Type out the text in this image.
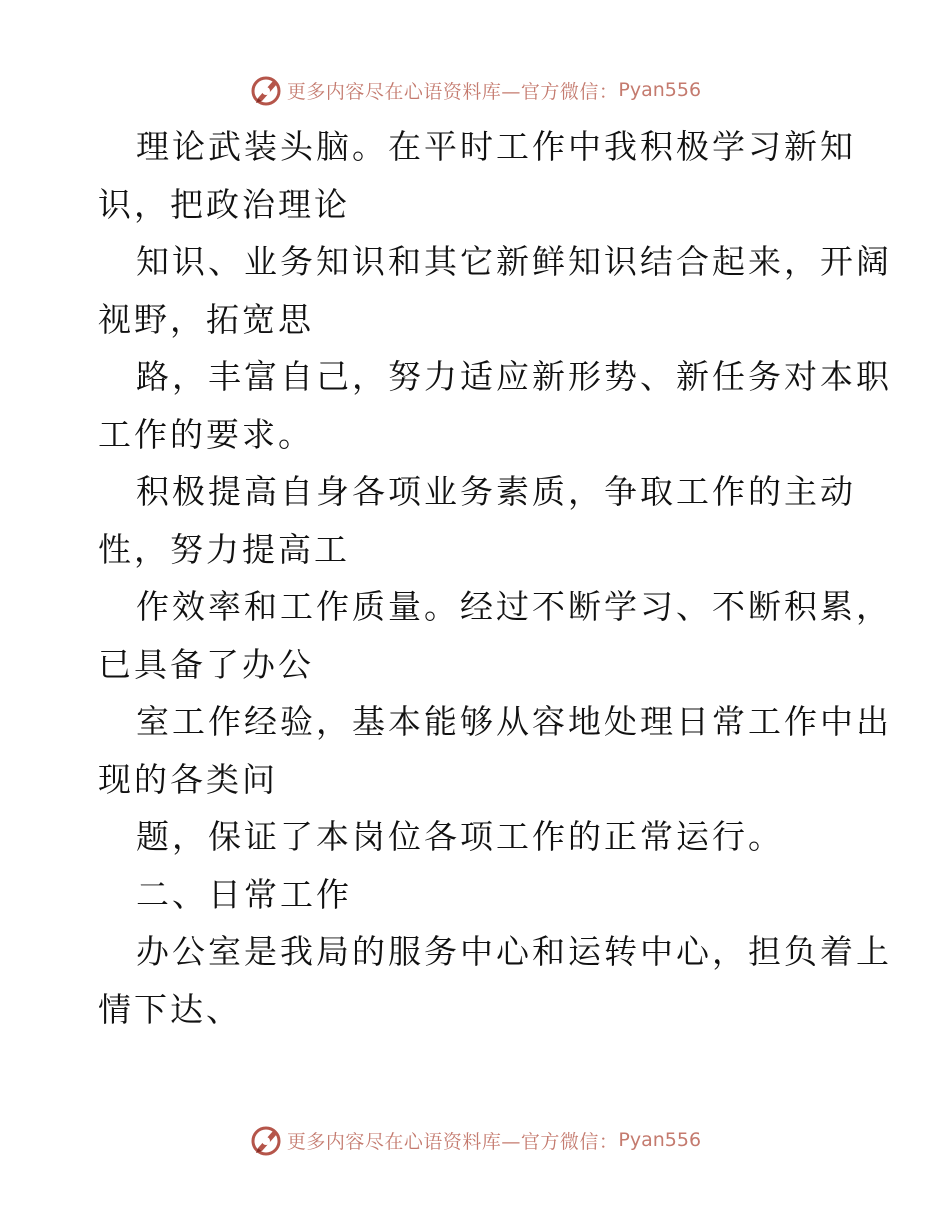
更多内容尽在心语资料库—官方微信： Pyan556
理论武装头脑。在平时工作中我积极学习新知
识，把政治理论
知识、业务知识和其它新鲜知识结合起来，开阔
视野，拓宽思
路，丰富自己，努力适应新形势、新任务对本职
工作的要求。
积极提高自身各项业务素质，争取工作的主动
性，努力提高工
作效率和工作质量。经过不断学习、不断积累，
已具备了办公
室工作经验，基本能够从容地处理日常工作中出
现的各类问
题，保证了本岗位各项工作的正常运行。
二、日常工作
办公室是我局的服务中心和运转中心，担负着上
情下达、
更多内容尽在心语资料库—官方微信： Pyan556
